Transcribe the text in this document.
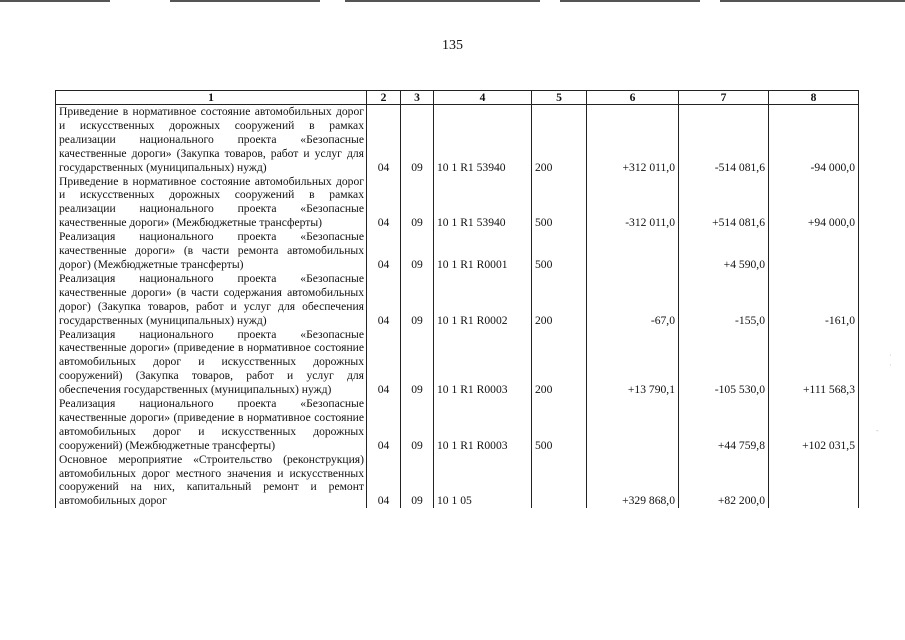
135
1	2	3	4	5	6	7	8
Приведение в нормативное состояние автомобильных дорог и искусственных дорожных сооружений в рамках реализации национального проекта «Безопасные качественные дороги» (Закупка товаров, работ и услуг для государственных (муниципальных) нужд)	04	09	10 1 R1 53940	200	+312 011,0	-514 081,6	-94 000,0
Приведение в нормативное состояние автомобильных дорог и искусственных дорожных сооружений в рамках реализации национального проекта «Безопасные качественные дороги» (Межбюджетные трансферты)	04	09	10 1 R1 53940	500	-312 011,0	+514 081,6	+94 000,0
Реализация национального проекта «Безопасные качественные дороги» (в части ремонта автомобильных дорог) (Межбюджетные трансферты)	04	09	10 1 R1 R0001	500		+4 590,0	
Реализация национального проекта «Безопасные качественные дороги» (в части содержания автомобильных дорог) (Закупка товаров, работ и услуг для обеспечения государственных (муниципальных) нужд)	04	09	10 1 R1 R0002	200	-67,0	-155,0	-161,0
Реализация национального проекта «Безопасные качественные дороги» (приведение в нормативное состояние автомобильных дорог и искусственных дорожных сооружений) (Закупка товаров, работ и услуг для обеспечения государственных (муниципальных) нужд)	04	09	10 1 R1 R0003	200	+13 790,1	-105 530,0	+111 568,3
Реализация национального проекта «Безопасные качественные дороги» (приведение в нормативное состояние автомобильных дорог и искусственных дорожных сооружений) (Межбюджетные трансферты)	04	09	10 1 R1 R0003	500		+44 759,8	+102 031,5
Основное мероприятие «Строительство (реконструкция) автомобильных дорог местного значения и искусственных сооружений на них, капитальный ремонт и ремонт автомобильных дорог	04	09	10 1 05		+329 868,0	+82 200,0	
·
·
-
